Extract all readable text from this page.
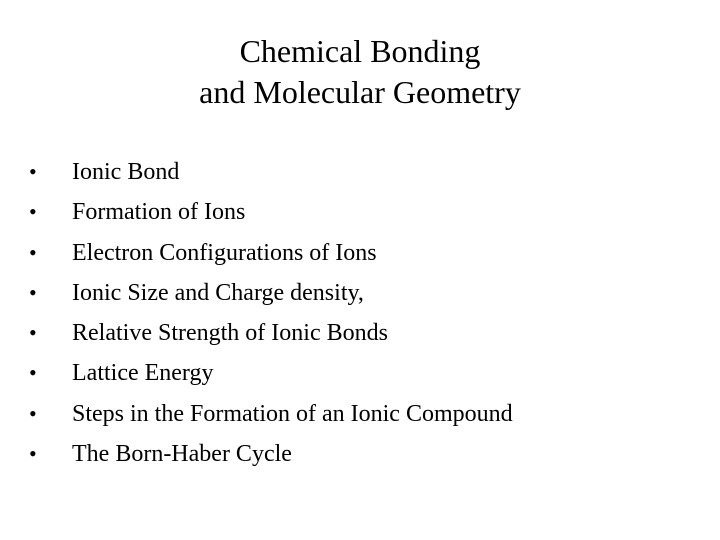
Chemical Bonding
and Molecular Geometry
• Ionic Bond
• Formation of Ions
• Electron Configurations of Ions
• Ionic Size and Charge density,
• Relative Strength of Ionic Bonds
• Lattice Energy
• Steps in the Formation of an Ionic Compound
• The Born-Haber Cycle
